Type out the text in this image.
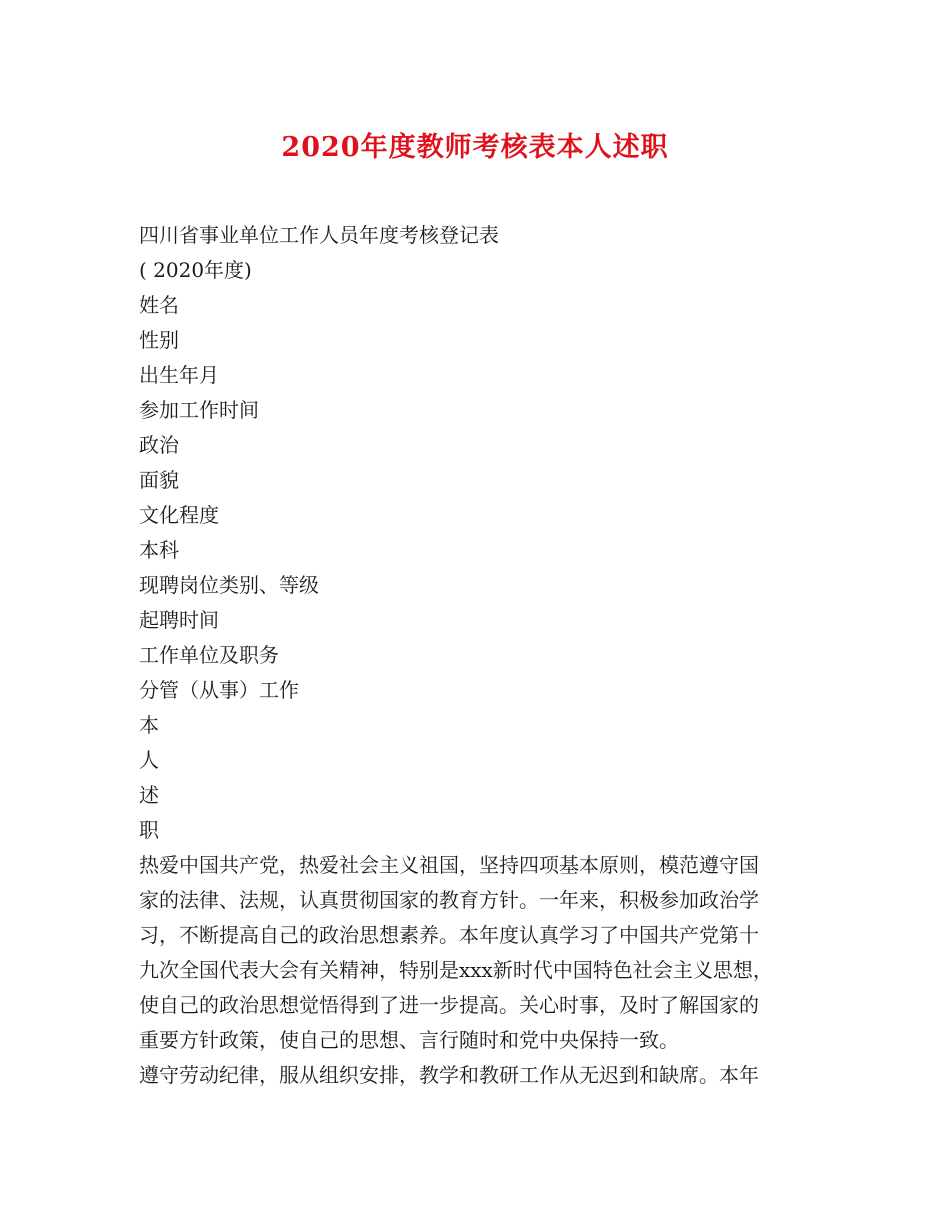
2020年度教师考核表本人述职

四川省事业单位工作人员年度考核登记表

( 2020年度)

姓名

性别

出生年月

参加工作时间

政治

面貌

文化程度

本科

现聘岗位类别、等级

起聘时间

工作单位及职务

分管（从事）工作

本

人

述

职

热爱中国共产党，热爱社会主义祖国，坚持四项基本原则，模范遵守国

家的法律、法规，认真贯彻国家的教育方针。一年来，积极参加政治学

习，不断提高自己的政治思想素养。本年度认真学习了中国共产党第十

九次全国代表大会有关精神，特别是xxx新时代中国特色社会主义思想，

使自己的政治思想觉悟得到了进一步提高。关心时事，及时了解国家的

重要方针政策，使自己的思想、言行随时和党中央保持一致。

遵守劳动纪律，服从组织安排，教学和教研工作从无迟到和缺席。本年
